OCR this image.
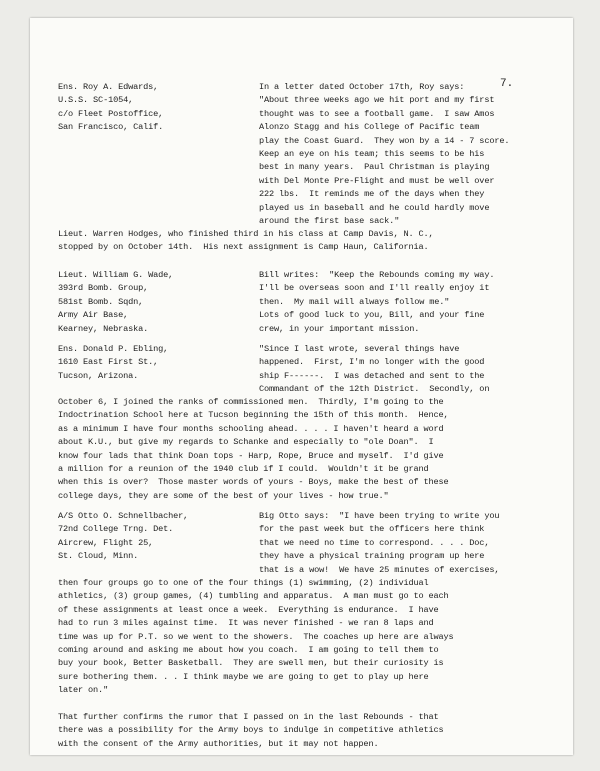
7.
Ens. Roy A. Edwards,
U.S.S. SC-1054,
c/o Fleet Postoffice,
San Francisco, Calif.
In a letter dated October 17th, Roy says:
"About three weeks ago we hit port and my first
thought was to see a football game.  I saw Amos
Alonzo Stagg and his College of Pacific team
play the Coast Guard.  They won by a 14 - 7 score.
Keep an eye on his team; this seems to be his
best in many years.  Paul Christman is playing
with Del Monte Pre-Flight and must be well over
222 lbs.  It reminds me of the days when they
played us in baseball and he could hardly move
around the first base sack."
Lieut. Warren Hodges, who finished third in his class at Camp Davis, N. C.,
stopped by on October 14th.  His next assignment is Camp Haun, California.
Lieut. William G. Wade,
393rd Bomb. Group,
581st Bomb. Sqdn,
Army Air Base,
Kearney, Nebraska.
Bill writes:  "Keep the Rebounds coming my way.
I'll be overseas soon and I'll really enjoy it
then.  My mail will always follow me."
Lots of good luck to you, Bill, and your fine
crew, in your important mission.
Ens. Donald P. Ebling,
1610 East First St.,
Tucson, Arizona.
"Since I last wrote, several things have
happened.  First, I'm no longer with the good
ship F------.  I was detached and sent to the
Commandant of the 12th District.  Secondly, on
October 6, I joined the ranks of commissioned men.  Thirdly, I'm going to the
Indoctrination School here at Tucson beginning the 15th of this month.  Hence,
as a minimum I have four months schooling ahead. . . . I haven't heard a word
about K.U., but give my regards to Schanke and especially to "ole Doan".  I
know four lads that think Doan tops - Harp, Rope, Bruce and myself.  I'd give
a million for a reunion of the 1940 club if I could.  Wouldn't it be grand
when this is over?  Those master words of yours - Boys, make the best of these
college days, they are some of the best of your lives - how true."
A/S Otto O. Schnellbacher,
72nd College Trng. Det.
Aircrew, Flight 25,
St. Cloud, Minn.
Big Otto says:  "I have been trying to write you
for the past week but the officers here think
that we need no time to correspond. . . . Doc,
they have a physical training program up here
that is a wow!  We have 25 minutes of exercises,
then four groups go to one of the four things (1) swimming, (2) individual
athletics, (3) group games, (4) tumbling and apparatus.  A man must go to each
of these assignments at least once a week.  Everything is endurance.  I have
had to run 3 miles against time.  It was never finished - we ran 8 laps and
time was up for P.T. so we went to the showers.  The coaches up here are always
coming around and asking me about how you coach.  I am going to tell them to
buy your book, Better Basketball.  They are swell men, but their curiosity is
sure bothering them. . . I think maybe we are going to get to play up here
later on."
That further confirms the rumor that I passed on in the last Rebounds - that
there was a possibility for the Army boys to indulge in competitive athletics
with the consent of the Army authorities, but it may not happen.
